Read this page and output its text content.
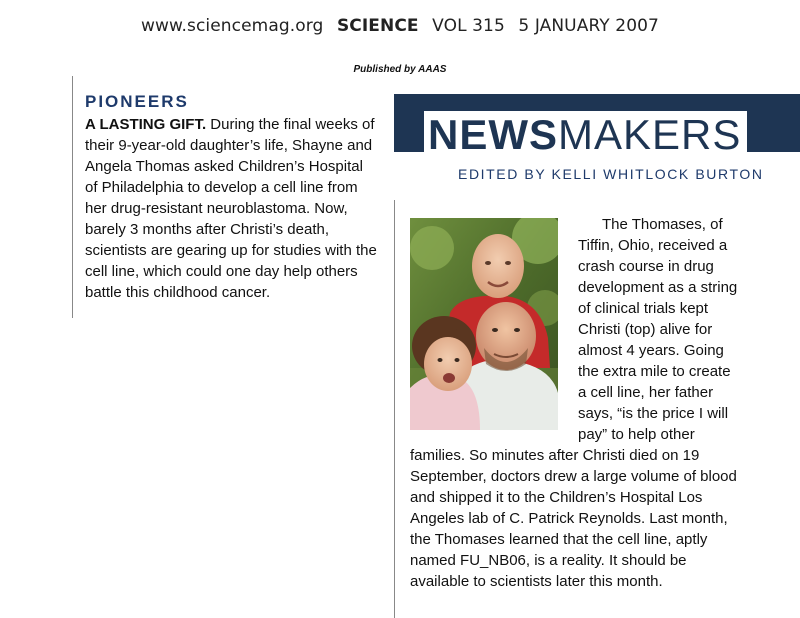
www.sciencemag.org SCIENCE VOL 315 5 JANUARY 2007
Published by AAAS
PIONEERS
A LASTING GIFT. During the final weeks of their 9-year-old daughter’s life, Shayne and Angela Thomas asked Children’s Hospital of Philadelphia to develop a cell line from her drug-resistant neuroblastoma. Now, barely 3 months after Christi’s death, scientists are gearing up for studies with the cell line, which could one day help others battle this childhood cancer.
NEWSMAKERS
EDITED BY KELLI WHITLOCK BURTON

The Thomases, of Tiffin, Ohio, received a crash course in drug development as a string of clinical trials kept Christi (top) alive for almost 4 years. Going the extra mile to create a cell line, her father says, “is the price I will pay” to help other families. So minutes after Christi died on 19 September, doctors drew a large volume of blood and shipped it to the Children’s Hospital Los Angeles lab of C. Patrick Reynolds. Last month, the Thomases learned that the cell line, aptly named FU_NB06, is a reality. It should be available to scientists later this month.
